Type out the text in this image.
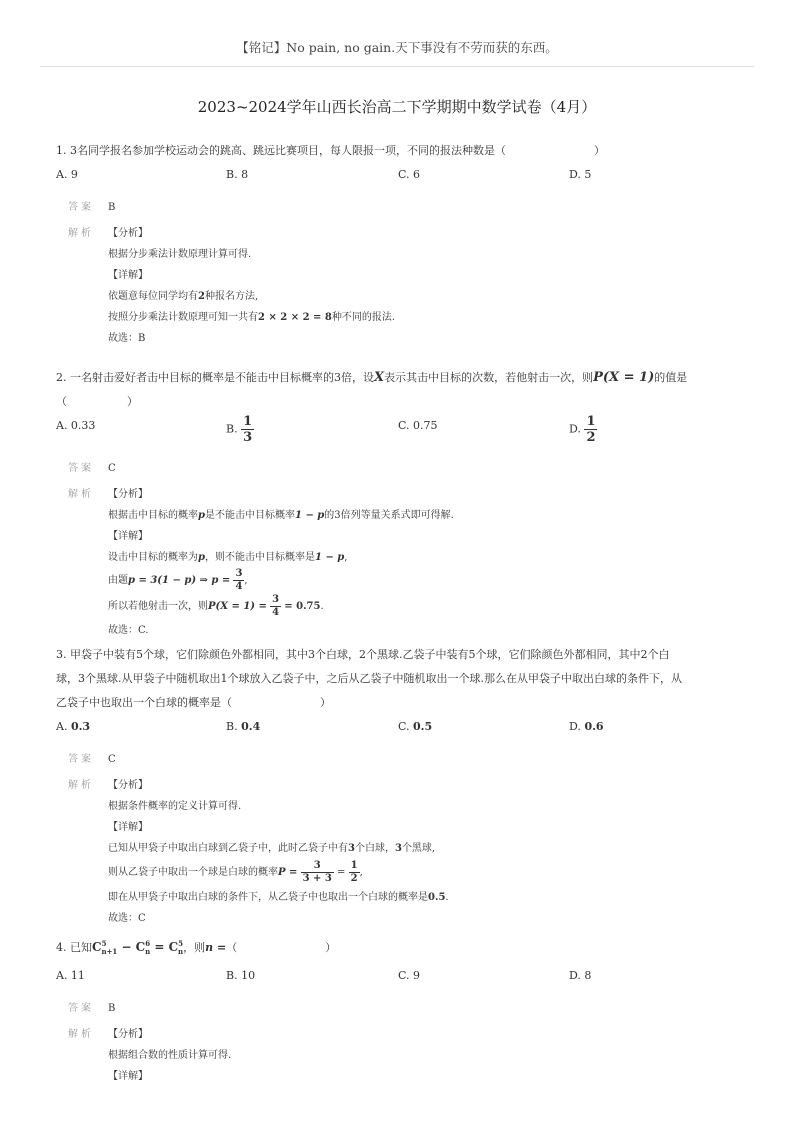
【铭记】No pain, no gain.天下事没有不劳而获的东西。
2023~2024学年山西长治高二下学期期中数学试卷（4月）
1. 3名同学报名参加学校运动会的跳高、跳远比赛项目，每人限报一项，不同的报法种数是（	）
A. 9	B. 8	C. 6	D. 5
答案 B
解析 【分析】
根据分步乘法计数原理计算可得.
【详解】
依题意每位同学均有2种报名方法,
按照分步乘法计数原理可知一共有2 × 2 × 2 = 8种不同的报法.
故选：B
2. 一名射击爱好者击中目标的概率是不能击中目标概率的3倍，设X表示其击中目标的次数，若他射击一次，则P(X = 1)的值是
（	）
A. 0.33	B. $\frac{1}{3}$	C. 0.75	D. $\frac{1}{2}$
答案 C
解析 【分析】
根据击中目标的概率p是不能击中目标概率1 − p的3倍列等量关系式即可得解.
【详解】
设击中目标的概率为p，则不能击中目标概率是1 − p,
由题p = 3(1 − p) ⇒ $p = \frac{3}{4}$ ,
所以若他射击一次，则$P(X = 1) = \frac{3}{4} = 0.75$.
故选：C.
3. 甲袋子中装有5个球，它们除颜色外都相同，其中3个白球，2个黑球.乙袋子中装有5个球，它们除颜色外都相同，其中2个白
球，3个黑球.从甲袋子中随机取出1个球放入乙袋子中，之后从乙袋子中随机取出一个球.那么在从甲袋子中取出白球的条件下，从
乙袋子中也取出一个白球的概率是（	）
A. 0.3	B. 0.4	C. 0.5	D. 0.6
答案 C
解析 【分析】
根据条件概率的定义计算可得.
【详解】
已知从甲袋子中取出白球到乙袋子中，此时乙袋子中有3个白球，3个黑球,
则从乙袋子中取出一个球是白球的概率$P = \frac{3}{3 + 3} = \frac{1}{2}$ ,
即在从甲袋子中取出白球的条件下，从乙袋子中也取出一个白球的概率是0.5.
故选：C
4. 已知$C^5_{n+1} - C^6_n = C^5_n$，则n =（	）
A. 11	B. 10	C. 9	D. 8
答案 B
解析 【分析】
根据组合数的性质计算可得.
【详解】
